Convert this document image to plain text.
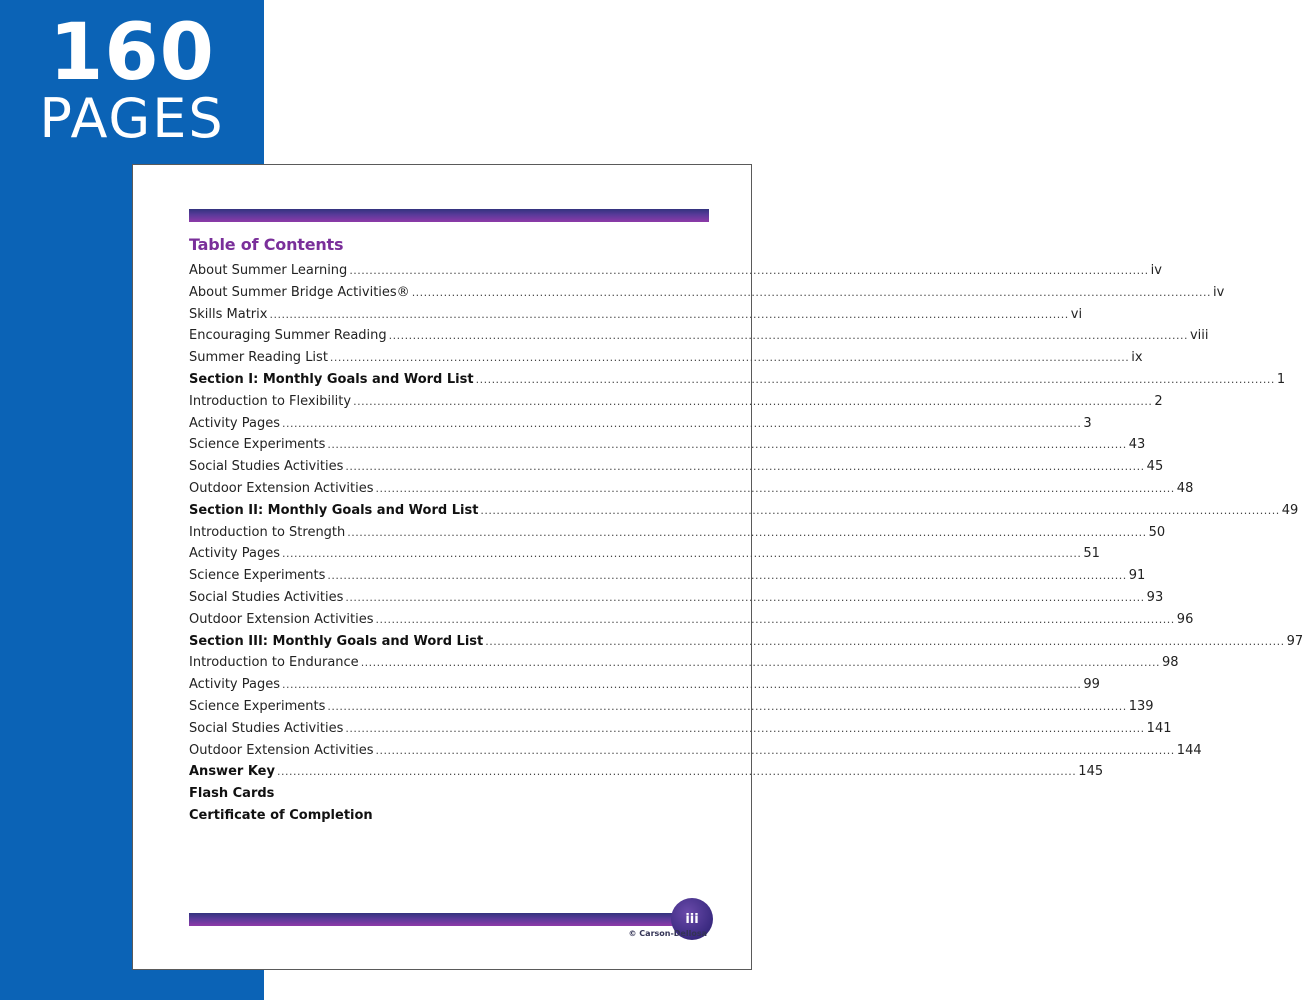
160
PAGES
Table of Contents
About Summer Learning ........................................................................................................................................................................................................ iv
About Summer Bridge Activities® ........................................................................................................................................................................................................ iv
Skills Matrix ........................................................................................................................................................................................................ vi
Encouraging Summer Reading ........................................................................................................................................................................................................ viii
Summer Reading List ........................................................................................................................................................................................................ ix
Section I: Monthly Goals and Word List ........................................................................................................................................................................................................ 1
Introduction to Flexibility ........................................................................................................................................................................................................ 2
Activity Pages ........................................................................................................................................................................................................ 3
Science Experiments ........................................................................................................................................................................................................ 43
Social Studies Activities ........................................................................................................................................................................................................ 45
Outdoor Extension Activities ........................................................................................................................................................................................................ 48
Section II: Monthly Goals and Word List ........................................................................................................................................................................................................ 49
Introduction to Strength ........................................................................................................................................................................................................ 50
Activity Pages ........................................................................................................................................................................................................ 51
Science Experiments ........................................................................................................................................................................................................ 91
Social Studies Activities ........................................................................................................................................................................................................ 93
Outdoor Extension Activities ........................................................................................................................................................................................................ 96
Section III: Monthly Goals and Word List ........................................................................................................................................................................................................ 97
Introduction to Endurance ........................................................................................................................................................................................................ 98
Activity Pages ........................................................................................................................................................................................................ 99
Science Experiments ........................................................................................................................................................................................................ 139
Social Studies Activities ........................................................................................................................................................................................................ 141
Outdoor Extension Activities ........................................................................................................................................................................................................ 144
Answer Key ........................................................................................................................................................................................................ 145
Flash Cards
Certificate of Completion
iii

© Carson-Dellosa
